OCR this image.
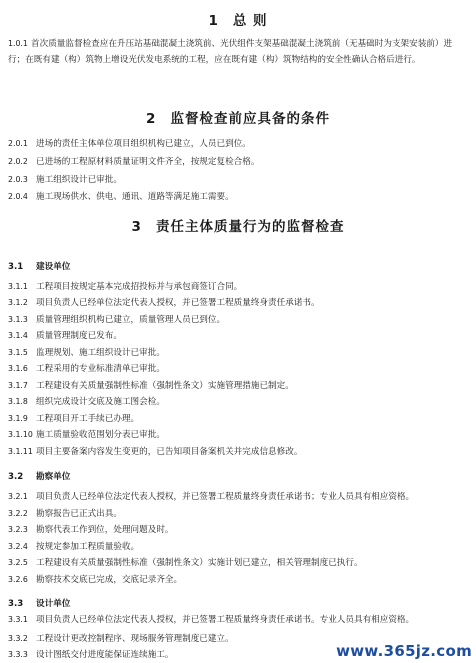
1 总 则

1.0.1 首次质量监督检查应在升压站基础混凝土浇筑前、光伏组件支架基础混凝土浇筑前（无基础时为支架安装前）进行；在既有建（构）筑物上增设光伏发电系统的工程，应在既有建（构）筑物结构的安全性确认合格后进行。

2 监督检查前应具备的条件
2.0.1 进场的责任主体单位项目组织机构已建立，人员已到位。
2.0.2 已进场的工程原材料质量证明文件齐全，按规定复检合格。
2.0.3 施工组织设计已审批。
2.0.4 施工现场供水、供电、通讯、道路等满足施工需要。
3 责任主体质量行为的监督检查
3.1 建设单位
3.1.1 工程项目按规定基本完成招投标并与承包商签订合同。
3.1.2 项目负责人已经单位法定代表人授权，并已签署工程质量终身责任承诺书。
3.1.3 质量管理组织机构已建立，质量管理人员已到位。
3.1.4 质量管理制度已发布。
3.1.5 监理规划、施工组织设计已审批。
3.1.6 工程采用的专业标准清单已审批。
3.1.7 工程建设有关质量强制性标准（强制性条文）实施管理措施已制定。
3.1.8 组织完成设计交底及施工图会检。
3.1.9 工程项目开工手续已办理。
3.1.10 施工质量验收范围划分表已审批。
3.1.11 项目主要备案内容发生变更的，已告知项目备案机关并完成信息修改。
3.2 勘察单位
3.2.1 项目负责人已经单位法定代表人授权，并已签署工程质量终身责任承诺书；专业人员具有相应资格。
3.2.2 勘察报告已正式出具。
3.2.3 勘察代表工作到位，处理问题及时。
3.2.4 按规定参加工程质量验收。
3.2.5 工程建设有关质量强制性标准（强制性条文）实施计划已建立，相关管理制度已执行。
3.2.6 勘察技术交底已完成，交底记录齐全。
3.3 设计单位
3.3.1 项目负责人已经单位法定代表人授权，并已签署工程质量终身责任承诺书。专业人员具有相应资格。
3.3.2 工程设计更改控制程序、现场服务管理制度已建立。
3.3.3 设计图纸交付进度能保证连续施工。	www.365jz.com
